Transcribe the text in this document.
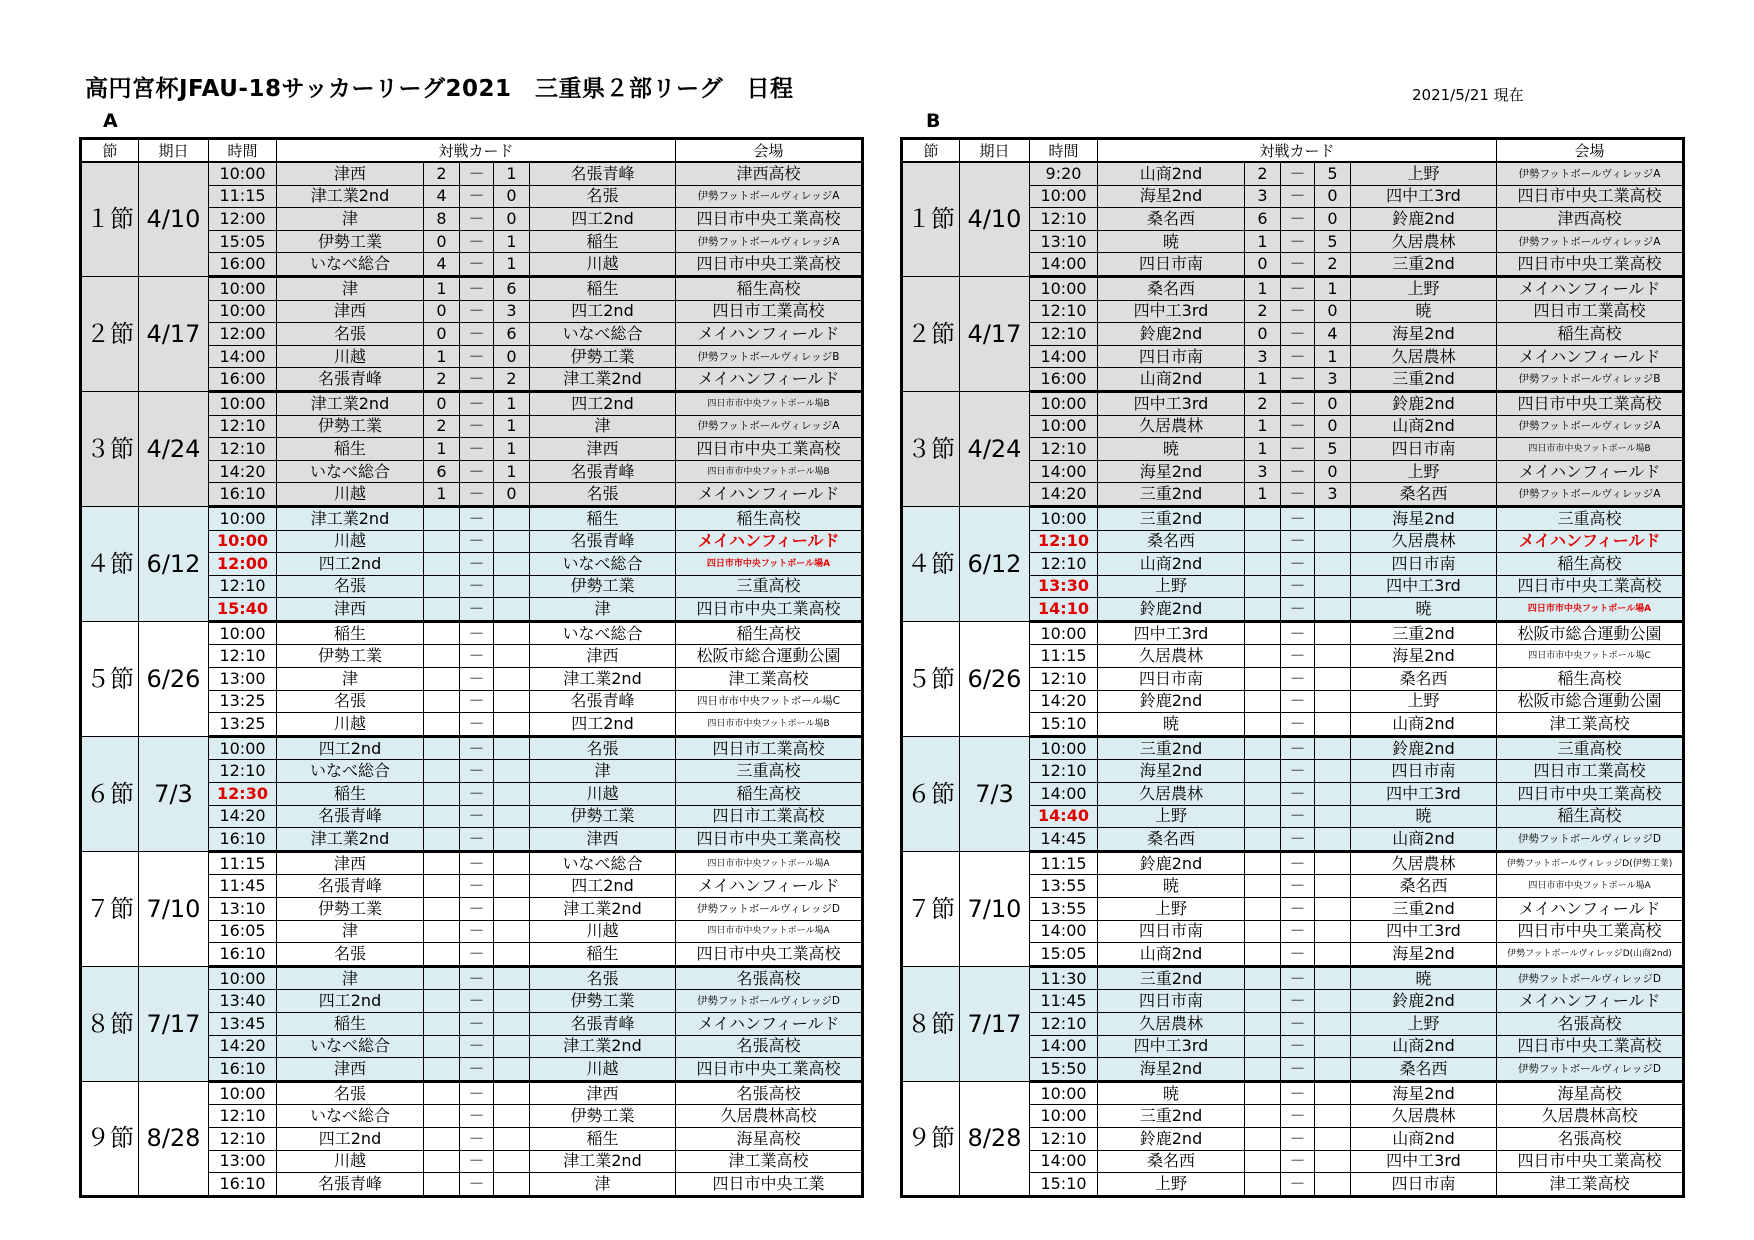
高円宮杯JFAU-18サッカーリーグ2021　三重県２部リーグ　日程	2021/5/21 現在
A	B
節	期日	時間	対戦カード					会場
１節	4/10	10:00	津西	2	－	1	名張青峰	津西高校
		11:15	津工業2nd	4	－	0	名張	伊勢フットボールヴィレッジA
		12:00	津	8	－	0	四工2nd	四日市中央工業高校
		15:05	伊勢工業	0	－	1	稲生	伊勢フットボールヴィレッジA
		16:00	いなべ総合	4	－	1	川越	四日市中央工業高校
２節	4/17	10:00	津	1	－	6	稲生	稲生高校
		10:00	津西	0	－	3	四工2nd	四日市工業高校
		12:00	名張	0	－	6	いなべ総合	メイハンフィールド
		14:00	川越	1	－	0	伊勢工業	伊勢フットボールヴィレッジB
		16:00	名張青峰	2	－	2	津工業2nd	メイハンフィールド
３節	4/24	10:00	津工業2nd	0	－	1	四工2nd	四日市市中央フットボール場B
		12:10	伊勢工業	2	－	1	津	伊勢フットボールヴィレッジA
		12:10	稲生	1	－	1	津西	四日市中央工業高校
		14:20	いなべ総合	6	－	1	名張青峰	四日市市中央フットボール場B
		16:10	川越	1	－	0	名張	メイハンフィールド
４節	6/12	10:00	津工業2nd		－		稲生	稲生高校
		10:00	川越		－		名張青峰	メイハンフィールド
		12:00	四工2nd		－		いなべ総合	四日市市中央フットボール場A
		12:10	名張		－		伊勢工業	三重高校
		15:40	津西		－		津	四日市中央工業高校
５節	6/26	10:00	稲生		－		いなべ総合	稲生高校
		12:10	伊勢工業		－		津西	松阪市総合運動公園
		13:00	津		－		津工業2nd	津工業高校
		13:25	名張		－		名張青峰	四日市市中央フットボール場C
		13:25	川越		－		四工2nd	四日市市中央フットボール場B
６節	7/3	10:00	四工2nd		－		名張	四日市工業高校
		12:10	いなべ総合		－		津	三重高校
		12:30	稲生		－		川越	稲生高校
		14:20	名張青峰		－		伊勢工業	四日市工業高校
		16:10	津工業2nd		－		津西	四日市中央工業高校
７節	7/10	11:15	津西		－		いなべ総合	四日市市中央フットボール場A
		11:45	名張青峰		－		四工2nd	メイハンフィールド
		13:10	伊勢工業		－		津工業2nd	伊勢フットボールヴィレッジD
		16:05	津		－		川越	四日市市中央フットボール場A
		16:10	名張		－		稲生	四日市中央工業高校
８節	7/17	10:00	津		－		名張	名張高校
		13:40	四工2nd		－		伊勢工業	伊勢フットボールヴィレッジD
		13:45	稲生		－		名張青峰	メイハンフィールド
		14:20	いなべ総合		－		津工業2nd	名張高校
		16:10	津西		－		川越	四日市中央工業高校
９節	8/28	10:00	名張		－		津西	名張高校
		12:10	いなべ総合		－		伊勢工業	久居農林高校
		12:10	四工2nd		－		稲生	海星高校
		13:00	川越		－		津工業2nd	津工業高校
		16:10	名張青峰		－		津	四日市中央工業
節	期日	時間	対戦カード					会場
１節	4/10	9:20	山商2nd	2	－	5	上野	伊勢フットボールヴィレッジA
		10:00	海星2nd	3	－	0	四中工3rd	四日市中央工業高校
		12:10	桑名西	6	－	0	鈴鹿2nd	津西高校
		13:10	暁	1	－	5	久居農林	伊勢フットボールヴィレッジA
		14:00	四日市南	0	－	2	三重2nd	四日市中央工業高校
２節	4/17	10:00	桑名西	1	－	1	上野	メイハンフィールド
		12:10	四中工3rd	2	－	0	暁	四日市工業高校
		12:10	鈴鹿2nd	0	－	4	海星2nd	稲生高校
		14:00	四日市南	3	－	1	久居農林	メイハンフィールド
		16:00	山商2nd	1	－	3	三重2nd	伊勢フットボールヴィレッジB
３節	4/24	10:00	四中工3rd	2	－	0	鈴鹿2nd	四日市中央工業高校
		10:00	久居農林	1	－	0	山商2nd	伊勢フットボールヴィレッジA
		12:10	暁	1	－	5	四日市南	四日市市中央フットボール場B
		14:00	海星2nd	3	－	0	上野	メイハンフィールド
		14:20	三重2nd	1	－	3	桑名西	伊勢フットボールヴィレッジA
４節	6/12	10:00	三重2nd		－		海星2nd	三重高校
		12:10	桑名西		－		久居農林	メイハンフィールド
		12:10	山商2nd		－		四日市南	稲生高校
		13:30	上野		－		四中工3rd	四日市中央工業高校
		14:10	鈴鹿2nd		－		暁	四日市市中央フットボール場A
５節	6/26	10:00	四中工3rd		－		三重2nd	松阪市総合運動公園
		11:15	久居農林		－		海星2nd	四日市市中央フットボール場C
		12:10	四日市南		－		桑名西	稲生高校
		14:20	鈴鹿2nd		－		上野	松阪市総合運動公園
		15:10	暁		－		山商2nd	津工業高校
６節	7/3	10:00	三重2nd		－		鈴鹿2nd	三重高校
		12:10	海星2nd		－		四日市南	四日市工業高校
		14:00	久居農林		－		四中工3rd	四日市中央工業高校
		14:40	上野		－		暁	稲生高校
		14:45	桑名西		－		山商2nd	伊勢フットボールヴィレッジD
７節	7/10	11:15	鈴鹿2nd		－		久居農林	伊勢フットボールヴィレッジD(伊勢工業)
		13:55	暁		－		桑名西	四日市市中央フットボール場A
		13:55	上野		－		三重2nd	メイハンフィールド
		14:00	四日市南		－		四中工3rd	四日市中央工業高校
		15:05	山商2nd		－		海星2nd	伊勢フットボールヴィレッジD(山商2nd)
８節	7/17	11:30	三重2nd		－		暁	伊勢フットボールヴィレッジD
		11:45	四日市南		－		鈴鹿2nd	メイハンフィールド
		12:10	久居農林		－		上野	名張高校
		14:00	四中工3rd		－		山商2nd	四日市中央工業高校
		15:50	海星2nd		－		桑名西	伊勢フットボールヴィレッジD
９節	8/28	10:00	暁		－		海星2nd	海星高校
		10:00	三重2nd		－		久居農林	久居農林高校
		12:10	鈴鹿2nd		－		山商2nd	名張高校
		14:00	桑名西		－		四中工3rd	四日市中央工業高校
		15:10	上野		－		四日市南	津工業高校
